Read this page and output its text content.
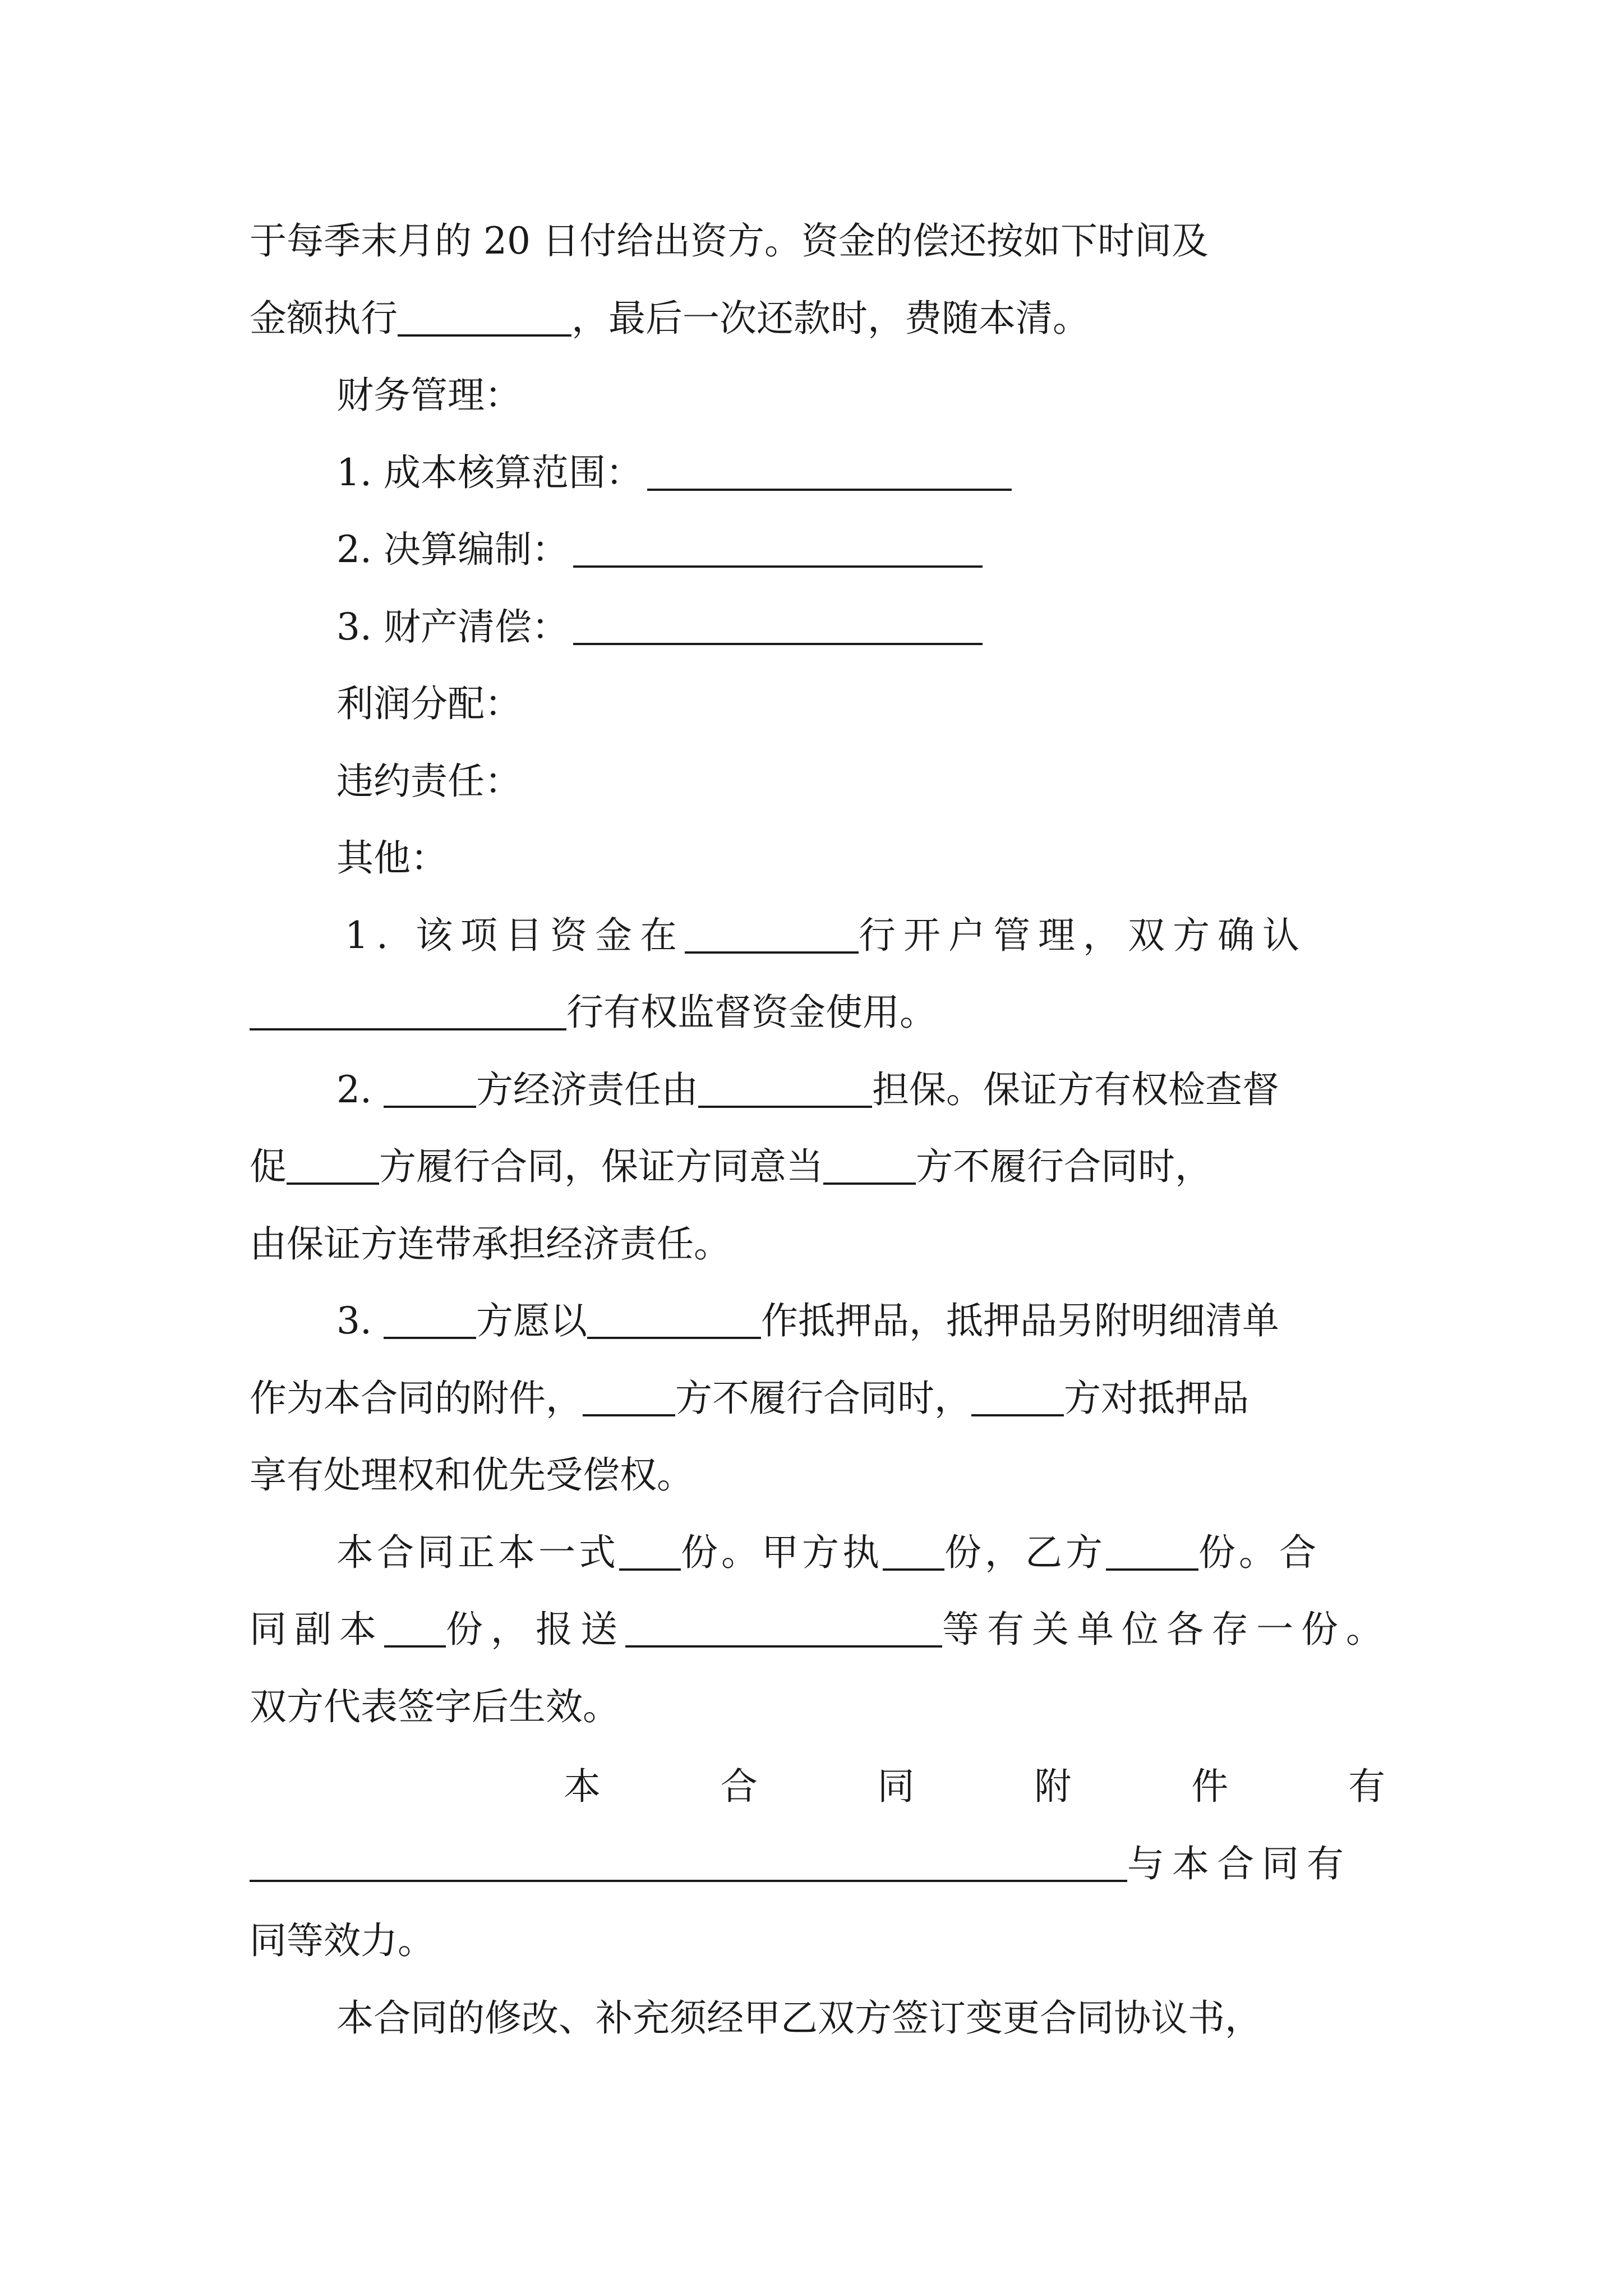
于每季末月的 20 日付给出资方。资金的偿还按如下时间及
金额执行	，最后一次还款时，费随本清。
财务管理：
1. 成本核算范围：
2. 决算编制：
3. 财产清偿：
利润分配：
违约责任：
其他：
1. 该项目资金在	行开户管理，双方确认
行有权监督资金使用。
2.	方经济责任由	担保。保证方有权检查督
促	方履行合同，保证方同意当	方不履行合同时，
由保证方连带承担经济责任。
3.	方愿以	作抵押品，抵押品另附明细清单
作为本合同的附件，	方不履行合同时，	方对抵押品
享有处理权和优先受偿权。
本合同正本一式 份。甲方执 份，乙方	份。合
同副本 份，报送	等有关单位各存一份。
双方代表签字后生效。
本	合	同	附	件	有
与本合同有
同等效力。
本合同的修改、补充须经甲乙双方签订变更合同协议书，
